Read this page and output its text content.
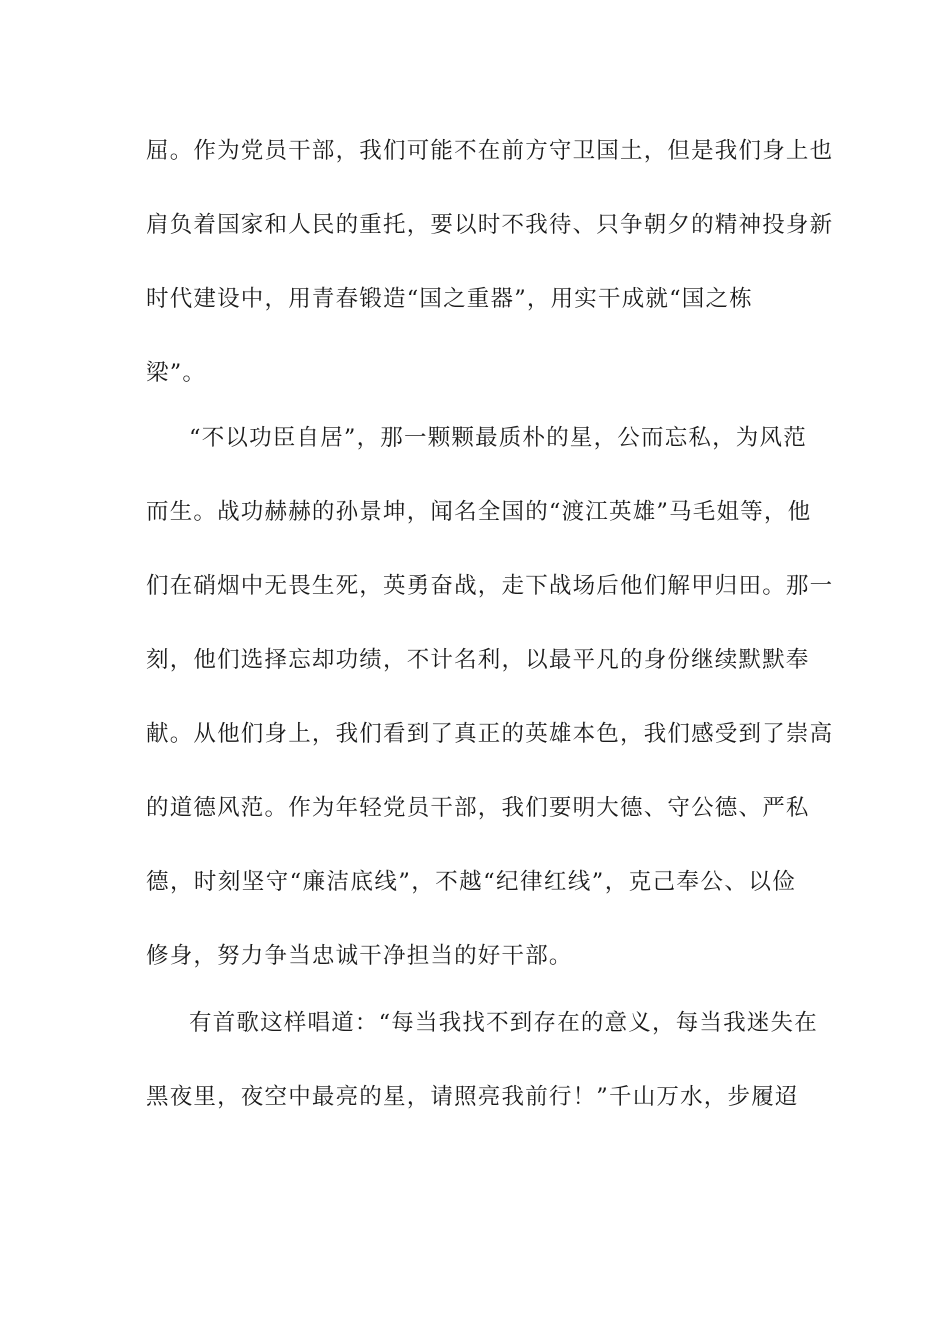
屈。作为党员干部，我们可能不在前方守卫国土，但是我们身上也
肩负着国家和人民的重托，要以时不我待、只争朝夕的精神投身新
时代建设中，用青春锻造“国之重器”，用实干成就“国之栋
梁”。
“不以功臣自居”，那一颗颗最质朴的星，公而忘私，为风范
而生。战功赫赫的孙景坤，闻名全国的“渡江英雄”马毛姐等，他
们在硝烟中无畏生死，英勇奋战，走下战场后他们解甲归田。那一
刻，他们选择忘却功绩，不计名利，以最平凡的身份继续默默奉
献。从他们身上，我们看到了真正的英雄本色，我们感受到了崇高
的道德风范。作为年轻党员干部，我们要明大德、守公德、严私
德，时刻坚守“廉洁底线”，不越“纪律红线”，克己奉公、以俭
修身，努力争当忠诚干净担当的好干部。
有首歌这样唱道：“每当我找不到存在的意义，每当我迷失在
黑夜里，夜空中最亮的星，请照亮我前行！”千山万水，步履迢
